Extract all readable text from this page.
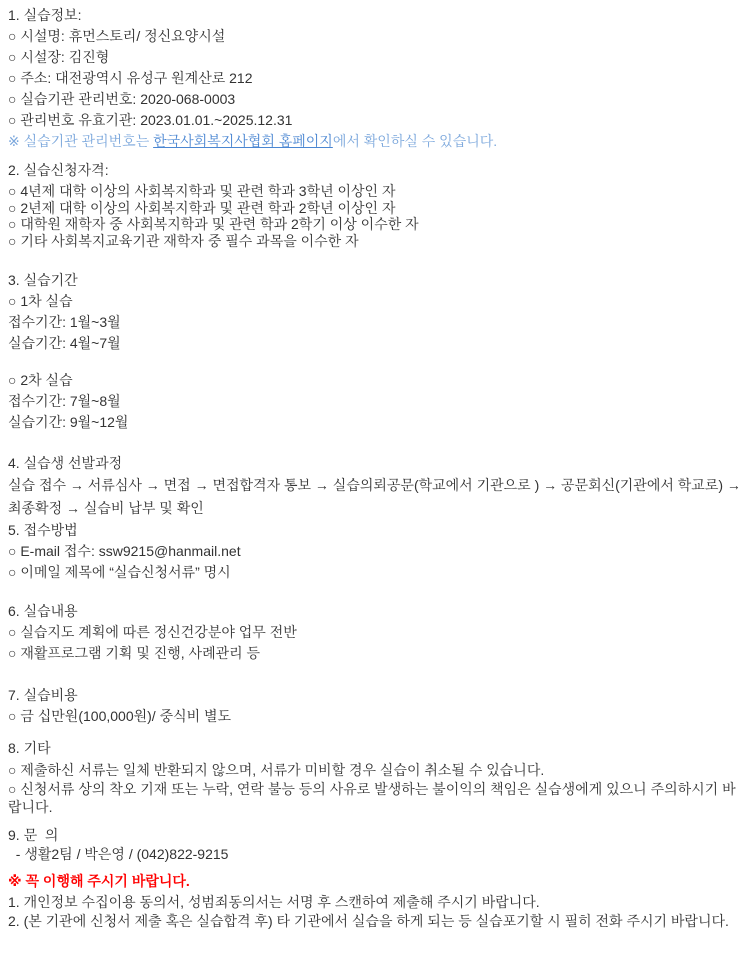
1. 실습정보:

○ 시설명: 휴먼스토리/ 정신요양시설

○ 시설장: 김진형

○ 주소: 대전광역시 유성구 원계산로 212

○ 실습기관 관리번호: 2020-068-0003

○ 관리번호 유효기관: 2023.01.01.~2025.12.31

※ 실습기관 관리번호는 한국사회복지사협회 홈페이지에서 확인하실 수 있습니다.

2. 실습신청자격:

○ 4년제 대학 이상의 사회복지학과 및 관련 학과 3학년 이상인 자

○ 2년제 대학 이상의 사회복지학과 및 관련 학과 2학년 이상인 자

○ 대학원 재학자 중 사회복지학과 및 관련 학과 2학기 이상 이수한 자

○ 기타 사회복지교육기관 재학자 중 필수 과목을 이수한 자

3. 실습기간

○ 1차 실습

접수기간: 1월~3월

실습기간: 4월~7월

○ 2차 실습

접수기간: 7월~8월

실습기간: 9월~12월

4. 실습생 선발과정

실습 접수 → 서류심사 → 면접 → 면접합격자 통보 → 실습의뢰공문(학교에서 기관으로 ) → 공문회신(기관에서 학교로) → 최종확정 → 실습비 납부 및 확인

5. 접수방법

○ E-mail 접수: ssw9215@hanmail.net

○ 이메일 제목에 “실습신청서류” 명시

6. 실습내용

○ 실습지도 계획에 따른 정신건강분야 업무 전반

○ 재활프로그램 기획 및 진행, 사례관리 등

7. 실습비용

○ 금 십만원(100,000원)/ 중식비 별도

8. 기타

○ 제출하신 서류는 일체 반환되지 않으며, 서류가 미비할 경우 실습이 취소될 수 있습니다.

○ 신청서류 상의 착오 기재 또는 누락, 연락 불능 등의 사유로 발생하는 불이익의 책임은 실습생에게 있으니 주의하시기 바랍니다.

9. 문  의

- 생활2팀 / 박은영 / (042)822-9215

※ 꼭 이행해 주시기 바랍니다.

1. 개인정보 수집이용 동의서, 성범죄동의서는 서명 후 스캔하여 제출해 주시기 바랍니다.

2. (본 기관에 신청서 제출 혹은 실습합격 후) 타 기관에서 실습을 하게 되는 등 실습포기할 시 필히 전화 주시기 바랍니다.
